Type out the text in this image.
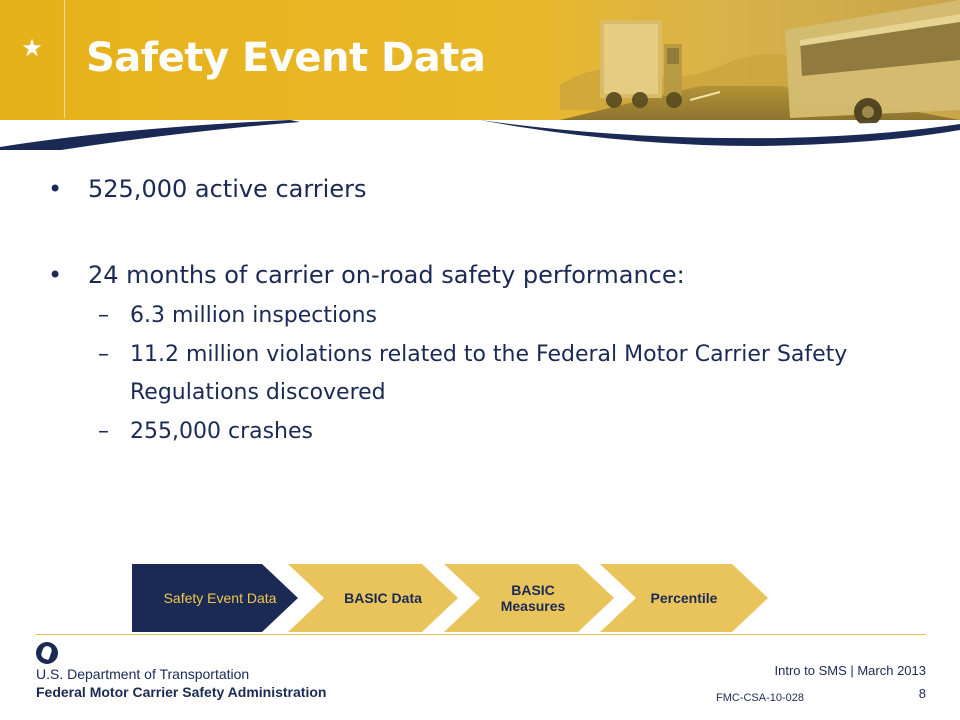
★ Safety Event Data
• 525,000 active carriers
• 24 months of carrier on-road safety performance:
– 6.3 million inspections
– 11.2 million violations related to the Federal Motor Carrier Safety Regulations discovered
– 255,000 crashes
Safety Event Data	BASIC Data	BASIC Measures	Percentile
U.S. Department of Transportation
Federal Motor Carrier Safety Administration
Intro to SMS | March 2013
8
FMC-CSA-10-028
